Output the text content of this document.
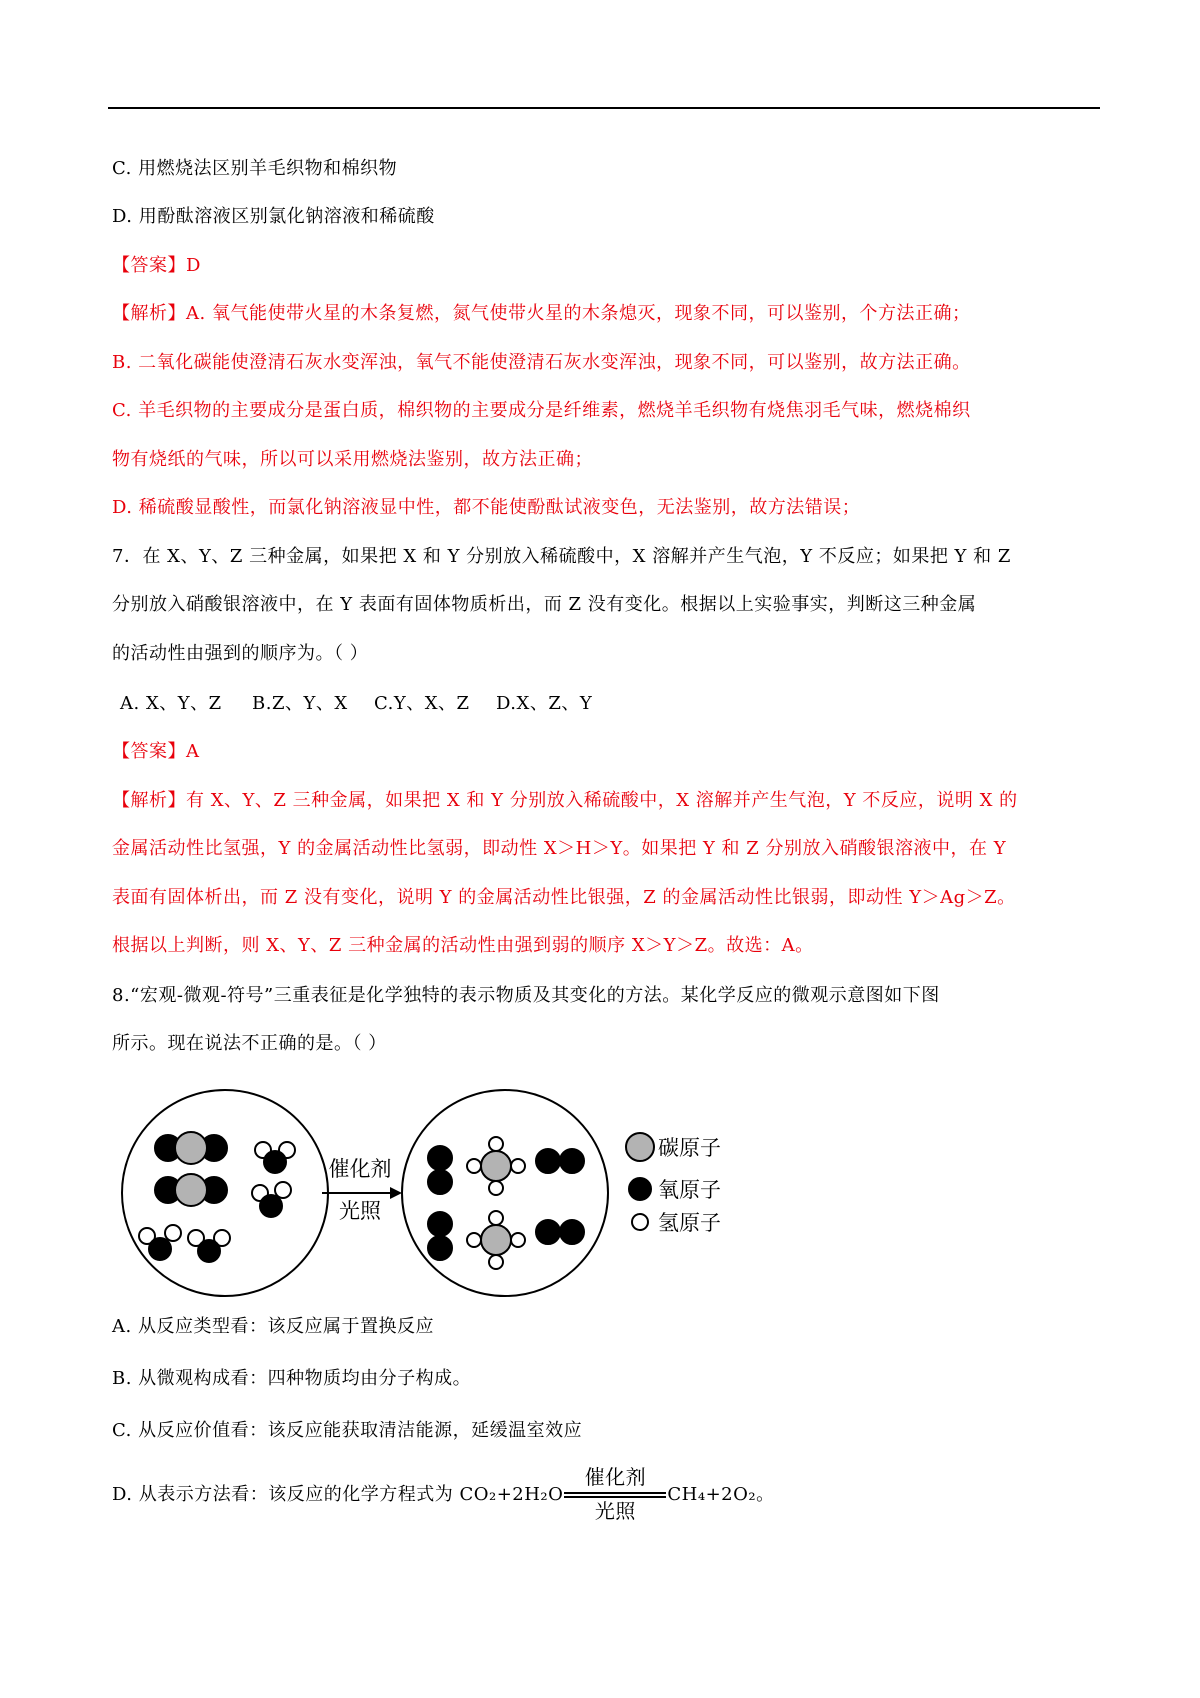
C. 用燃烧法区别羊毛织物和棉织物
D. 用酚酞溶液区别氯化钠溶液和稀硫酸
【答案】D
【解析】A. 氧气能使带火星的木条复燃，氮气使带火星的木条熄灭，现象不同，可以鉴别，个方法正确；
B. 二氧化碳能使澄清石灰水变浑浊，氧气不能使澄清石灰水变浑浊，现象不同，可以鉴别，故方法正确。
C. 羊毛织物的主要成分是蛋白质，棉织物的主要成分是纤维素，燃烧羊毛织物有烧焦羽毛气味，燃烧棉织
物有烧纸的气味，所以可以采用燃烧法鉴别，故方法正确；
D. 稀硫酸显酸性，而氯化钠溶液显中性，都不能使酚酞试液变色，无法鉴别，故方法错误；
7．在 X、Y、Z 三种金属，如果把 X 和 Y 分别放入稀硫酸中，X 溶解并产生气泡，Y 不反应；如果把 Y 和 Z
分别放入硝酸银溶液中，在 Y 表面有固体物质析出，而 Z 没有变化。根据以上实验事实，判断这三种金属
的活动性由强到的顺序为。（ ）
A. X、Y、Z B.Z、Y、X C.Y、X、Z D.X、Z、Y
【答案】A
【解析】有 X、Y、Z 三种金属，如果把 X 和 Y 分别放入稀硫酸中，X 溶解并产生气泡，Y 不反应，说明 X 的
金属活动性比氢强，Y 的金属活动性比氢弱，即动性 X＞H＞Y。如果把 Y 和 Z 分别放入硝酸银溶液中，在 Y
表面有固体析出，而 Z 没有变化，说明 Y 的金属活动性比银强，Z 的金属活动性比银弱，即动性 Y＞Ag＞Z。
根据以上判断，则 X、Y、Z 三种金属的活动性由强到弱的顺序 X＞Y＞Z。故选：A。
8.“宏观-微观-符号”三重表征是化学独特的表示物质及其变化的方法。某化学反应的微观示意图如下图
所示。现在说法不正确的是。（ ）
催化剂
光照
碳原子
氧原子
氢原子
A. 从反应类型看：该反应属于置换反应
B. 从微观构成看：四种物质均由分子构成。
C. 从反应价值看：该反应能获取清洁能源，延缓温室效应
D. 从表示方法看：该反应的化学方程式为 CO₂+2H₂O
催化剂
光照
CH₄+2O₂。
